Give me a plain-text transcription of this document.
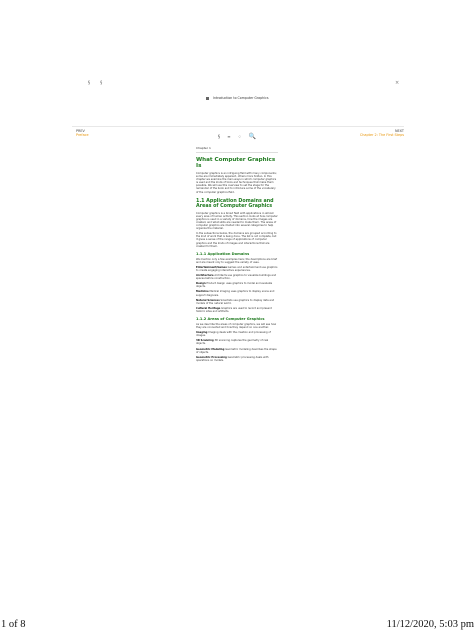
§	§	×
Introduction to Computer Graphics
PREV
Preface	§ ≡ ♢ 🔍
NEXT
Chapter 2: The First Steps
Chapter 1
What Computer Graphics Is

Computer graphics is an intriguing field with many components; some are immediately apparent, others more hidden. In this chapter we examine the main ways in which computer graphics is used and the kinds of tools and techniques that make them possible. We will use this overview to set the stage for the remainder of the book and to introduce some of the vocabulary of the computer graphics field.

1.1 Application Domains and Areas of Computer Graphics

Computer graphics is a broad field with applications in almost every area of human activity. This section looks at how computer graphics is used in a variety of domains, how the images are created, and what skills are needed to make them. The areas of computer graphics are divided into several categories to help organize the material.

In the subsections below, the domains are grouped according to the kind of work that is being done. The list is not complete, but it gives a sense of the range of applications of computer graphics and the kinds of images and interactions that are created for them.

1.1.1 Application Domains

We mention only a few examples here; the descriptions are brief and are meant only to suggest the variety of uses.

Entertainment/Games Games and entertainment use graphics to create engaging interactive experiences.

Architecture Architects use graphics to visualize buildings and spaces before construction.

Design Product design uses graphics to model and evaluate objects.

Medicine Medical imaging uses graphics to display scans and support diagnosis.

Natural Sciences Scientists use graphics to display data and models of the natural world.

Cultural Heritage Graphics are used to record and present historic sites and artifacts.

1.1.2 Areas of Computer Graphics

As we describe the areas of computer graphics, we will see how they are connected and how they depend on one another.

Imaging Imaging deals with the creation and processing of images.

3D Scanning 3D scanning captures the geometry of real objects.

Geometric Modeling Geometric modeling describes the shape of objects.

Geometric Processing Geometric processing deals with operations on models.

1 of 8	11/12/2020, 5:03 pm
